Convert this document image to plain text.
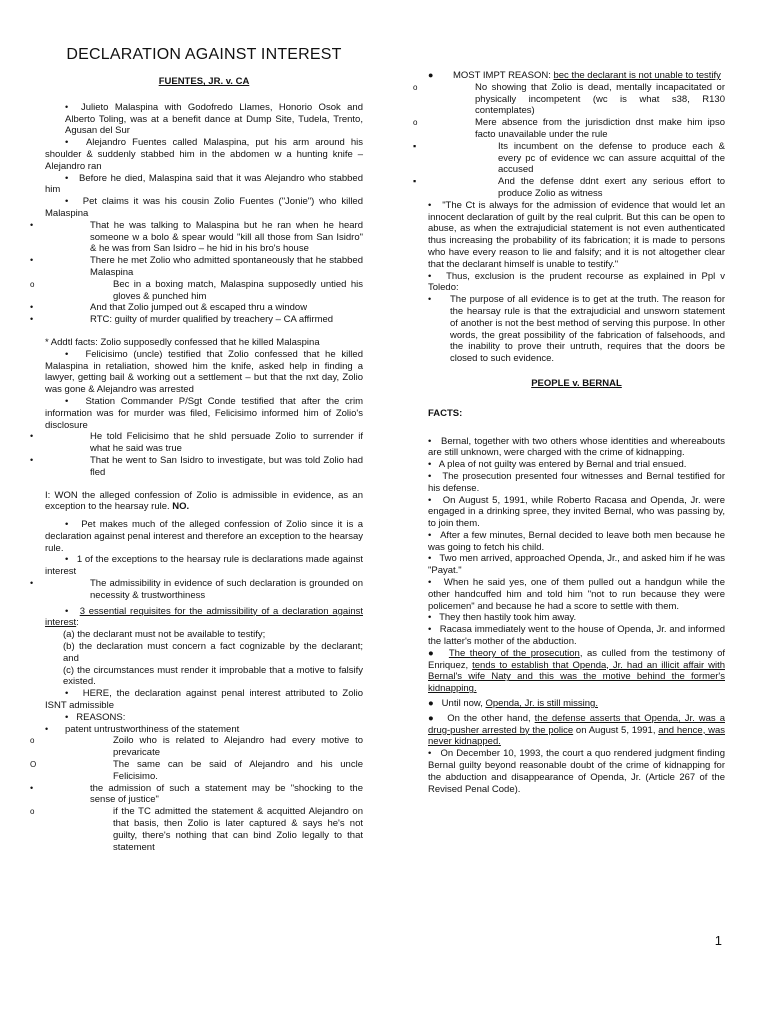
DECLARATION AGAINST INTEREST
FUENTES, JR. v. CA

• Julieto Malaspina with Godofredo Llames, Honorio Osok and Alberto Toling, was at a benefit dance at Dump Site, Tudela, Trento, Agusan del Sur

• Alejandro Fuentes called Malaspina, put his arm around his shoulder & suddenly stabbed him in the abdomen w a hunting knife – Alejandro ran

• Before he died, Malaspina said that it was Alejandro who stabbed him

• Pet claims it was his cousin Zolio Fuentes ("Jonie") who killed Malaspina

•	That he was talking to Malaspina but he ran when he heard someone w a bolo & spear would "kill all those from San Isidro" & he was from San Isidro – he hid in his bro's house

•	There he met Zolio who admitted spontaneously that he stabbed Malaspina

o	Bec in a boxing match, Malaspina supposedly untied his gloves & punched him

•	And that Zolio jumped out & escaped thru a window

•	RTC: guilty of murder qualified by treachery – CA affirmed

* Addtl facts: Zolio supposedly confessed that he killed Malaspina

• Felicisimo (uncle) testified that Zolio confessed that he killed Malaspina in retaliation, showed him the knife, asked help in finding a lawyer, getting bail & working out a settlement – but that the nxt day, Zolio was gone & Alejandro was arrested

• Station Commander P/Sgt Conde testified that after the crim information was for murder was filed, Felicisimo informed him of Zolio's disclosure

•	He told Felicisimo that he shld persuade Zolio to surrender if what he said was true

•	That he went to San Isidro to investigate, but was told Zolio had fled

I: WON the alleged confession of Zolio is admissible in evidence, as an exception to the hearsay rule. NO.

• Pet makes much of the alleged confession of Zolio since it is a declaration against penal interest and therefore an exception to the hearsay rule.

• 1 of the exceptions to the hearsay rule is declarations made against interest

•	The admissibility in evidence of such declaration is grounded on necessity & trustworthiness

• 3 essential requisites for the admissibility of a declaration against interest:

(a) the declarant must not be available to testify;

(b) the declaration must concern a fact cognizable by the declarant; and

(c) the circumstances must render it improbable that a motive to falsify existed.

• HERE, the declaration against penal interest attributed to Zolio ISNT admissible

• REASONS:

• patent untrustworthiness of the statement

o	Zoilo who is related to Alejandro had every motive to prevaricate

O	The same can be said of Alejandro and his uncle Felicisimo.

•	the admission of such a statement may be "shocking to the sense of justice"

o	if the TC admitted the statement & acquitted Alejandro on that basis, then Zolio is later captured & says he's not guilty, there's nothing that can bind Zolio legally to that statement

● MOST IMPT REASON: bec the declarant is not unable to testify

o	No showing that Zolio is dead, mentally incapacitated or physically incompetent (wc is what s38, R130 contemplates)

o	Mere absence from the jurisdiction dnst make him ipso facto unavailable under the rule

▪	Its incumbent on the defense to produce each & every pc of evidence wc can assure acquittal of the accused

▪	And the defense ddnt exert any serious effort to produce Zolio as witness

• "The Ct is always for the admission of evidence that would let an innocent declaration of guilt by the real culprit. But this can be open to abuse, as when the extrajudicial statement is not even authenticated thus increasing the probability of its fabrication; it is made to persons who have every reason to lie and falsify; and it is not altogether clear that the declarant himself is unable to testify."

• Thus, exclusion is the prudent recourse as explained in Ppl v Toledo:

• The purpose of all evidence is to get at the truth. The reason for the hearsay rule is that the extrajudicial and unsworn statement of another is not the best method of serving this purpose. In other words, the great possibility of the fabrication of falsehoods, and the inability to prove their untruth, requires that the doors be closed to such evidence.

PEOPLE v. BERNAL

FACTS:

• Bernal, together with two others whose identities and whereabouts are still unknown, were charged with the crime of kidnapping.

• A plea of not guilty was entered by Bernal and trial ensued.

• The prosecution presented four witnesses and Bernal testified for his defense.

• On August 5, 1991, while Roberto Racasa and Openda, Jr. were engaged in a drinking spree, they invited Bernal, who was passing by, to join them.

• After a few minutes, Bernal decided to leave both men because he was going to fetch his child.

• Two men arrived, approached Openda, Jr., and asked him if he was "Payat."

• When he said yes, one of them pulled out a handgun while the other handcuffed him and told him "not to run because they were policemen" and because he had a score to settle with them.

• They then hastily took him away.

• Racasa immediately went to the house of Openda, Jr. and informed the latter's mother of the abduction.

● The theory of the prosecution, as culled from the testimony of Enriquez, tends to establish that Openda, Jr. had an illicit affair with Bernal's wife Naty and this was the motive behind the former's kidnapping.

● Until now, Openda, Jr. is still missing.

● On the other hand, the defense asserts that Openda, Jr. was a drug-pusher arrested by the police on August 5, 1991, and hence, was never kidnapped.

• On December 10, 1993, the court a quo rendered judgment finding Bernal guilty beyond reasonable doubt of the crime of kidnapping for the abduction and disappearance of Openda, Jr. (Article 267 of the Revised Penal Code).

1
